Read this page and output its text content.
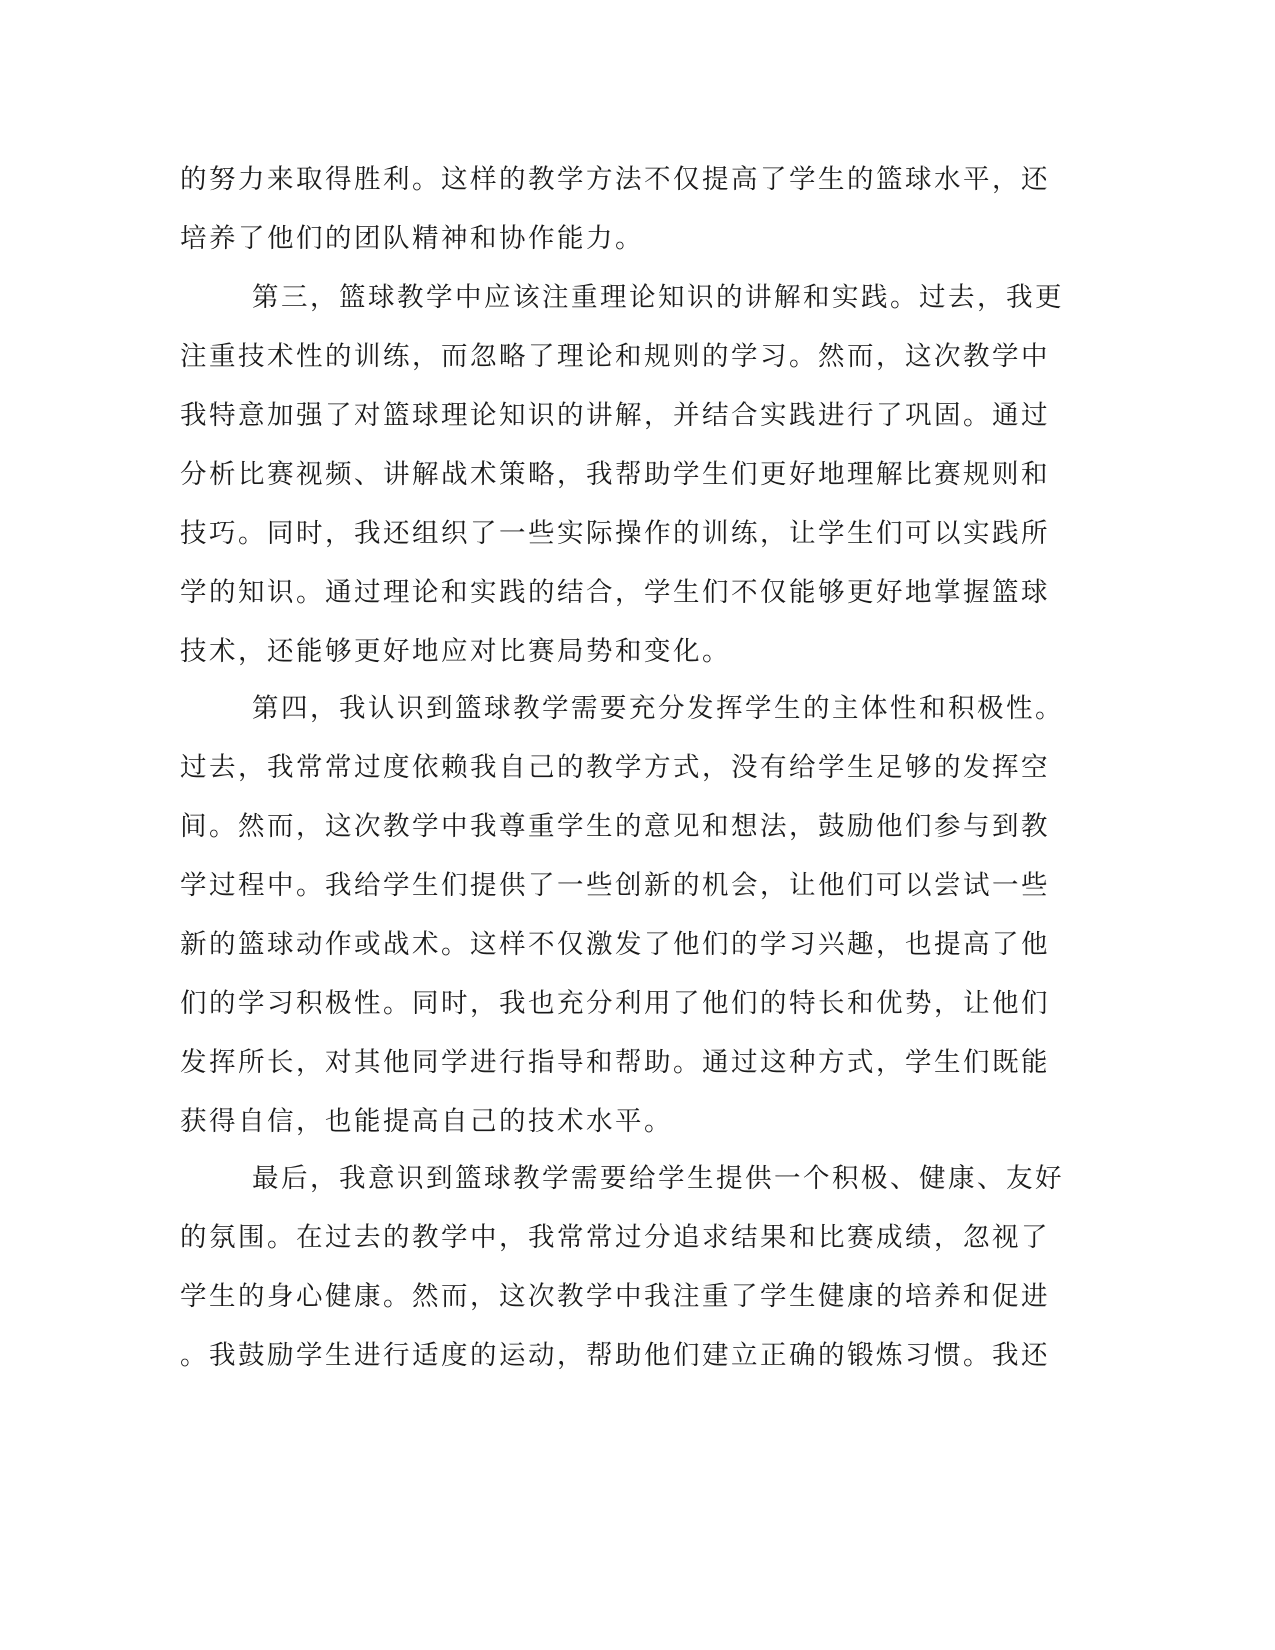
的努力来取得胜利。这样的教学方法不仅提高了学生的篮球水平，还

培养了他们的团队精神和协作能力。

第三，篮球教学中应该注重理论知识的讲解和实践。过去，我更

注重技术性的训练，而忽略了理论和规则的学习。然而，这次教学中

我特意加强了对篮球理论知识的讲解，并结合实践进行了巩固。通过

分析比赛视频、讲解战术策略，我帮助学生们更好地理解比赛规则和

技巧。同时，我还组织了一些实际操作的训练，让学生们可以实践所

学的知识。通过理论和实践的结合，学生们不仅能够更好地掌握篮球

技术，还能够更好地应对比赛局势和变化。

第四，我认识到篮球教学需要充分发挥学生的主体性和积极性。

过去，我常常过度依赖我自己的教学方式，没有给学生足够的发挥空

间。然而，这次教学中我尊重学生的意见和想法，鼓励他们参与到教

学过程中。我给学生们提供了一些创新的机会，让他们可以尝试一些

新的篮球动作或战术。这样不仅激发了他们的学习兴趣，也提高了他

们的学习积极性。同时，我也充分利用了他们的特长和优势，让他们

发挥所长，对其他同学进行指导和帮助。通过这种方式，学生们既能

获得自信，也能提高自己的技术水平。

最后，我意识到篮球教学需要给学生提供一个积极、健康、友好

的氛围。在过去的教学中，我常常过分追求结果和比赛成绩，忽视了

学生的身心健康。然而，这次教学中我注重了学生健康的培养和促进

。我鼓励学生进行适度的运动，帮助他们建立正确的锻炼习惯。我还
